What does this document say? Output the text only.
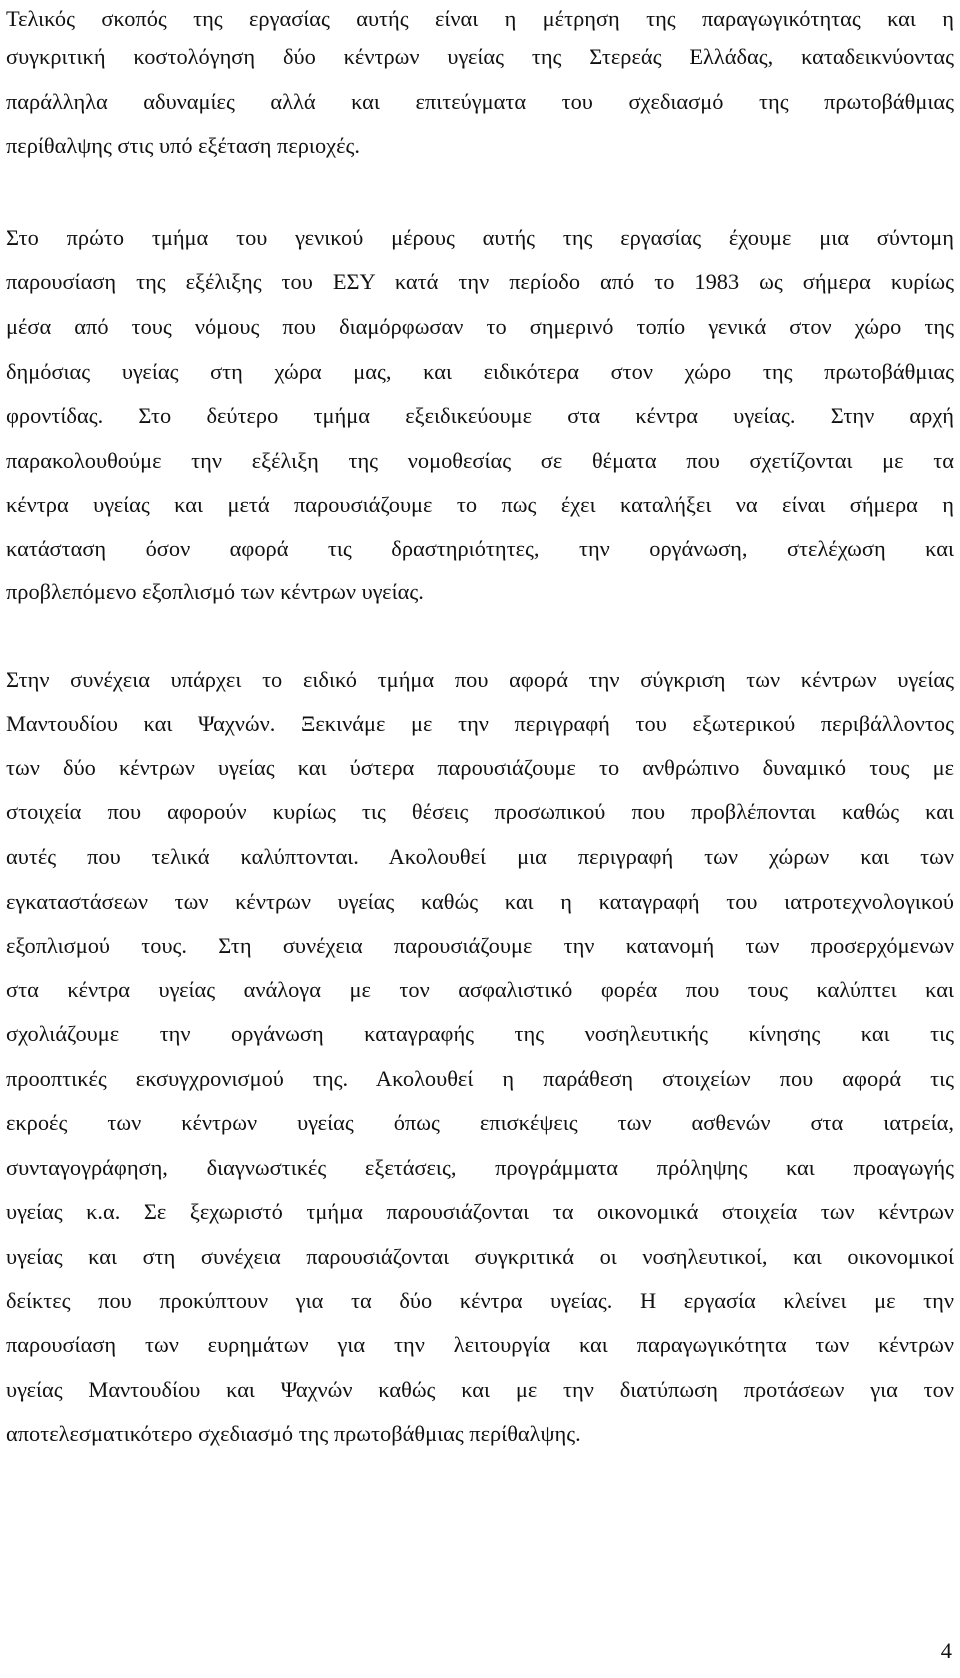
Τελικός σκοπός της εργασίας αυτής είναι η μέτρηση της παραγωγικότητας και η
συγκριτική κοστολόγηση δύο κέντρων υγείας της Στερεάς Ελλάδας, καταδεικνύοντας
παράλληλα αδυναμίες αλλά και επιτεύγματα του σχεδιασμό της πρωτοβάθμιας
περίθαλψης στις υπό εξέταση περιοχές.
Στο πρώτο τμήμα του γενικού μέρους αυτής της εργασίας έχουμε μια σύντομη
παρουσίαση της εξέλιξης του ΕΣΥ κατά την περίοδο από το 1983 ως σήμερα κυρίως
μέσα από τους νόμους που διαμόρφωσαν το σημερινό τοπίο γενικά στον χώρο της
δημόσιας υγείας στη χώρα μας, και ειδικότερα στον χώρο της πρωτοβάθμιας
φροντίδας. Στο δεύτερο τμήμα εξειδικεύουμε στα κέντρα υγείας. Στην αρχή
παρακολουθούμε την εξέλιξη της νομοθεσίας σε θέματα που σχετίζονται με τα
κέντρα υγείας και μετά παρουσιάζουμε το πως έχει καταλήξει να είναι σήμερα η
κατάσταση όσον αφορά τις δραστηριότητες, την οργάνωση, στελέχωση και
προβλεπόμενο εξοπλισμό των κέντρων υγείας.
Στην συνέχεια υπάρχει το ειδικό τμήμα που αφορά την σύγκριση των κέντρων υγείας
Μαντουδίου και Ψαχνών. Ξεκινάμε με την περιγραφή του εξωτερικού περιβάλλοντος
των δύο κέντρων υγείας και ύστερα παρουσιάζουμε το ανθρώπινο δυναμικό τους με
στοιχεία που αφορούν κυρίως τις θέσεις προσωπικού που προβλέπονται καθώς και
αυτές που τελικά καλύπτονται. Ακολουθεί μια περιγραφή των χώρων και των
εγκαταστάσεων των κέντρων υγείας καθώς και η καταγραφή του ιατροτεχνολογικού
εξοπλισμού τους. Στη συνέχεια παρουσιάζουμε την κατανομή των προσερχόμενων
στα κέντρα υγείας ανάλογα με τον ασφαλιστικό φορέα που τους καλύπτει και
σχολιάζουμε την οργάνωση καταγραφής της νοσηλευτικής κίνησης και τις
προοπτικές εκσυγχρονισμού της. Ακολουθεί η παράθεση στοιχείων που αφορά τις
εκροές των κέντρων υγείας όπως επισκέψεις των ασθενών στα ιατρεία,
συνταγογράφηση, διαγνωστικές εξετάσεις, προγράμματα πρόληψης και προαγωγής
υγείας κ.α. Σε ξεχωριστό τμήμα παρουσιάζονται τα οικονομικά στοιχεία των κέντρων
υγείας και στη συνέχεια παρουσιάζονται συγκριτικά οι νοσηλευτικοί, και οικονομικοί
δείκτες που προκύπτουν για τα δύο κέντρα υγείας. Η εργασία κλείνει με την
παρουσίαση των ευρημάτων για την λειτουργία και παραγωγικότητα των κέντρων
υγείας Μαντουδίου και Ψαχνών καθώς και με την διατύπωση προτάσεων για τον
αποτελεσματικότερο σχεδιασμό της πρωτοβάθμιας περίθαλψης.
4
